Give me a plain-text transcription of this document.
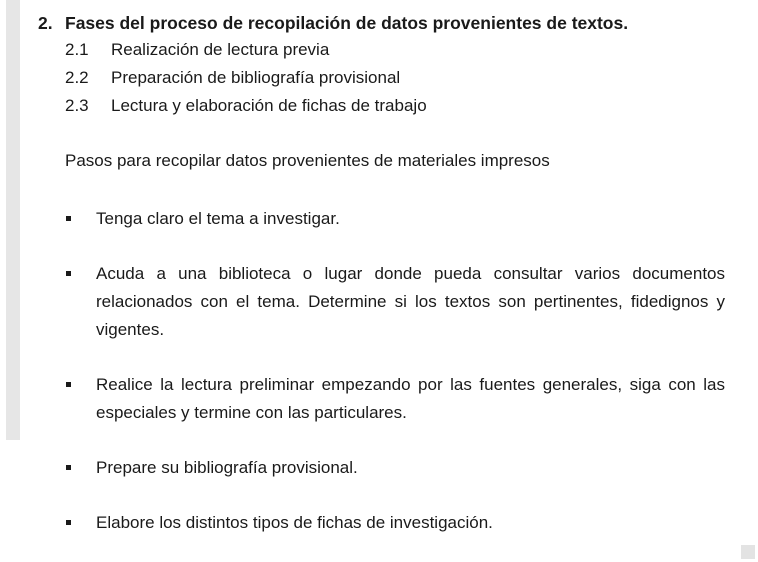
2. Fases del proceso de recopilación de datos provenientes de textos.
2.1 Realización de lectura previa
2.2 Preparación de bibliografía provisional
2.3 Lectura y elaboración de fichas de trabajo
Pasos para recopilar datos provenientes de materiales impresos
Tenga claro el tema a investigar.
Acuda a una biblioteca o lugar donde pueda consultar varios documentos relacionados con el tema. Determine si los textos son pertinentes, fidedignos y vigentes.
Realice la lectura preliminar empezando por las fuentes generales, siga con las especiales y termine con las particulares.
Prepare su bibliografía provisional.
Elabore los distintos tipos de fichas de investigación.
